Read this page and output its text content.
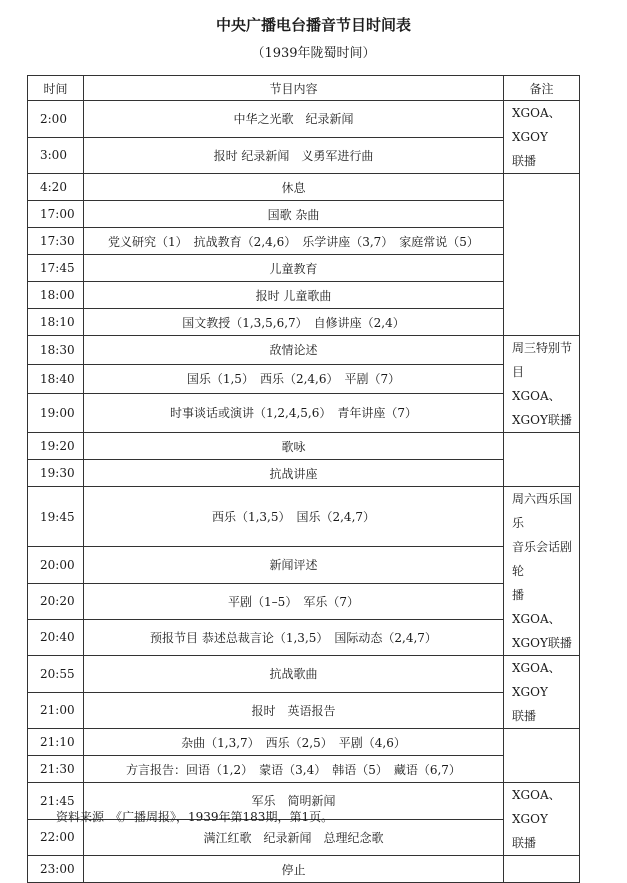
中央广播电台播音节目时间表
（1939年陇蜀时间）
时间	节目内容	备注
2:00	中华之光歌　纪录新闻	XGOA、XGOY
联播

3:00	报时 纪录新闻　义勇军进行曲	
4:20	休息	
17:00	国歌 杂曲	
17:30	党义研究（1）　抗战教育（2,4,6）　乐学讲座（3,7）　家庭常说（5）	
17:45	儿童教育	
18:00	报时 儿童歌曲	
18:10	国文教授（1,3,5,6,7）　自修讲座（2,4）	
18:30	敌情论述	周三特别节
目 XGOA、
XGOY联播

18:40	国乐（1,5）　西乐（2,4,6）　平剧（7）	
19:00	时事谈话或演讲（1,2,4,5,6）　青年讲座（7）	
19:20	歌咏	
19:30	抗战讲座	
19:45	西乐（1,3,5）　国乐（2,4,7）	周六西乐国乐
音乐会话剧轮
播 XGOA、
XGOY联播

20:00	新闻评述	
20:20	平剧（1–5）　军乐（7）	
20:40	预报节目 恭述总裁言论（1,3,5）　国际动态（2,4,7）	
20:55	抗战歌曲	XGOA、XGOY
联播

21:00	报时　英语报告	
21:10	杂曲（1,3,7）　西乐（2,5）　平剧（4,6）	
21:30	方言报告：回语（1,2）　蒙语（3,4）　韩语（5）　藏语（6,7）	
21:45	军乐　简明新闻	XGOA、XGOY
联播

22:00	满江红歌　纪录新闻　总理纪念歌	
23:00	停止	
资料来源　《广播周报》，1939年第183期，第1页。
